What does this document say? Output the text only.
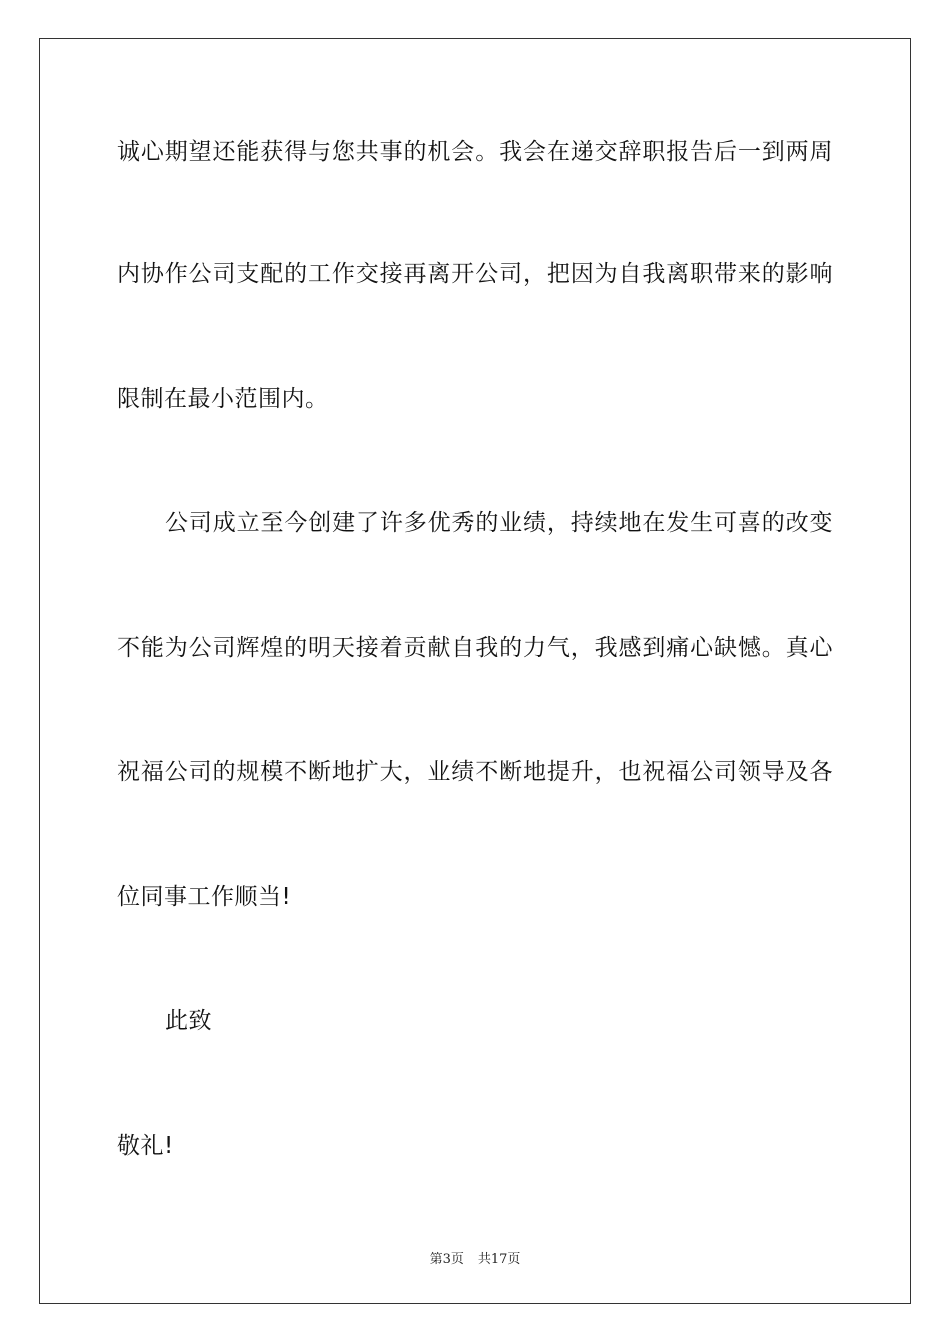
诚心期望还能获得与您共事的机会。我会在递交辞职报告后一到两周
内协作公司支配的工作交接再离开公司，把因为自我离职带来的影响
限制在最小范围内。
公司成立至今创建了许多优秀的业绩，持续地在发生可喜的改变
不能为公司辉煌的明天接着贡献自我的力气，我感到痛心缺憾。真心
祝福公司的规模不断地扩大，业绩不断地提升，也祝福公司领导及各
位同事工作顺当!
此致
敬礼!
第3页 共17页
